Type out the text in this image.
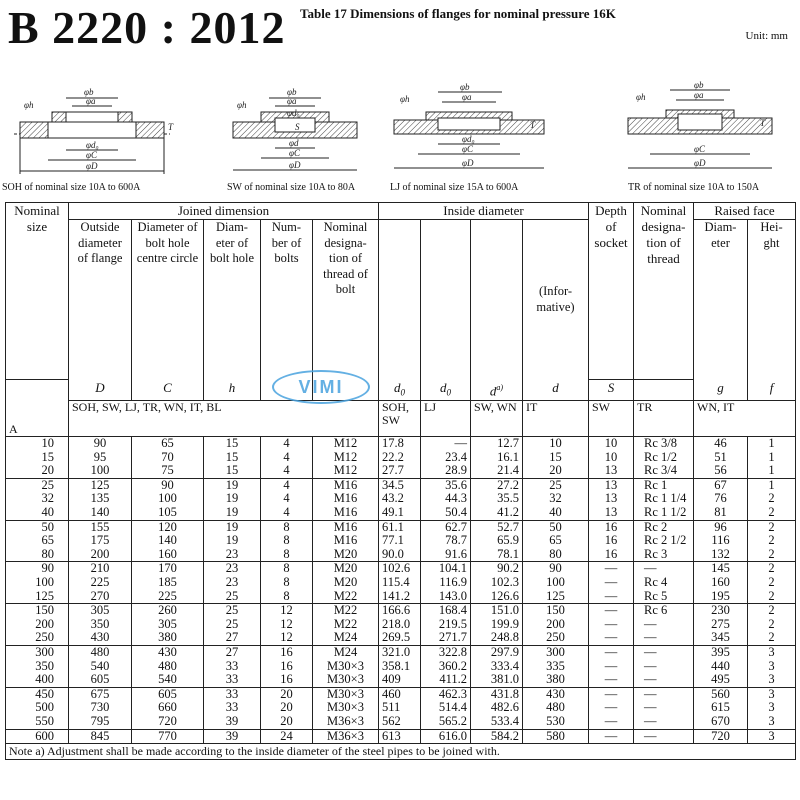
B 2220 : 2012 Table 17 Dimensions of flanges for nominal pressure 16K
Unit: mm
φb
φa
φd₀
φC
φD
φh
T
φb
φa
φd₀
φd
φC
φD
φh
S
φb
φa
φd₀
φC
φD
φh
T
φb
φa
φC
φD
φh
T
SOH of nominal size 10A to 600A	SW of nominal size 10A to 80A	LJ of nominal size 15A to 600A	TR of nominal size 10A to 150A
Nominal size	Joined dimension					Inside diameter				Depth of socket	Nominal designa- tion of thread	Raised face	
	Outside diameter of flange	Diameter of bolt hole centre circle	Diam- eter of bolt hole	Num- ber of bolts	Nominal designa- tion of thread of bolt				(Infor- mative)			Diam- eter	Hei- ght
	D	C	h			$d_0$	$d_0$	$d^{a)}$	d	S		g	f
A	SOH, SW, LJ, TR, WN, IT, BL					SOH, SW	LJ	SW, WN	IT	SW	TR	WN, IT	
10	90	65	15	4	M12	17.8	—	12.7	10	10	Rc 3/8	46	1
15	95	70	15	4	M12	22.2	23.4	16.1	15	10	Rc 1/2	51	1
20	100	75	15	4	M12	27.7	28.9	21.4	20	13	Rc 3/4	56	1
25	125	90	19	4	M16	34.5	35.6	27.2	25	13	Rc 1	67	1
32	135	100	19	4	M16	43.2	44.3	35.5	32	13	Rc 1 1/4	76	2
40	140	105	19	4	M16	49.1	50.4	41.2	40	13	Rc 1 1/2	81	2
50	155	120	19	8	M16	61.1	62.7	52.7	50	16	Rc 2	96	2
65	175	140	19	8	M16	77.1	78.7	65.9	65	16	Rc 2 1/2	116	2
80	200	160	23	8	M20	90.0	91.6	78.1	80	16	Rc 3	132	2
90	210	170	23	8	M20	102.6	104.1	90.2	90	—	—	145	2
100	225	185	23	8	M20	115.4	116.9	102.3	100	—	Rc 4	160	2
125	270	225	25	8	M22	141.2	143.0	126.6	125	—	Rc 5	195	2
150	305	260	25	12	M22	166.6	168.4	151.0	150	—	Rc 6	230	2
200	350	305	25	12	M22	218.0	219.5	199.9	200	—	—	275	2
250	430	380	27	12	M24	269.5	271.7	248.8	250	—	—	345	2
300	480	430	27	16	M24	321.0	322.8	297.9	300	—	—	395	3
350	540	480	33	16	M30×3	358.1	360.2	333.4	335	—	—	440	3
400	605	540	33	16	M30×3	409	411.2	381.0	380	—	—	495	3
450	675	605	33	20	M30×3	460	462.3	431.8	430	—	—	560	3
500	730	660	33	20	M30×3	511	514.4	482.6	480	—	—	615	3
550	795	720	39	20	M36×3	562	565.2	533.4	530	—	—	670	3
600	845	770	39	24	M36×3	613	616.0	584.2	580	—	—	720	3
Note a) Adjustment shall be made according to the inside diameter of the steel pipes to be joined with.													
VIMI
